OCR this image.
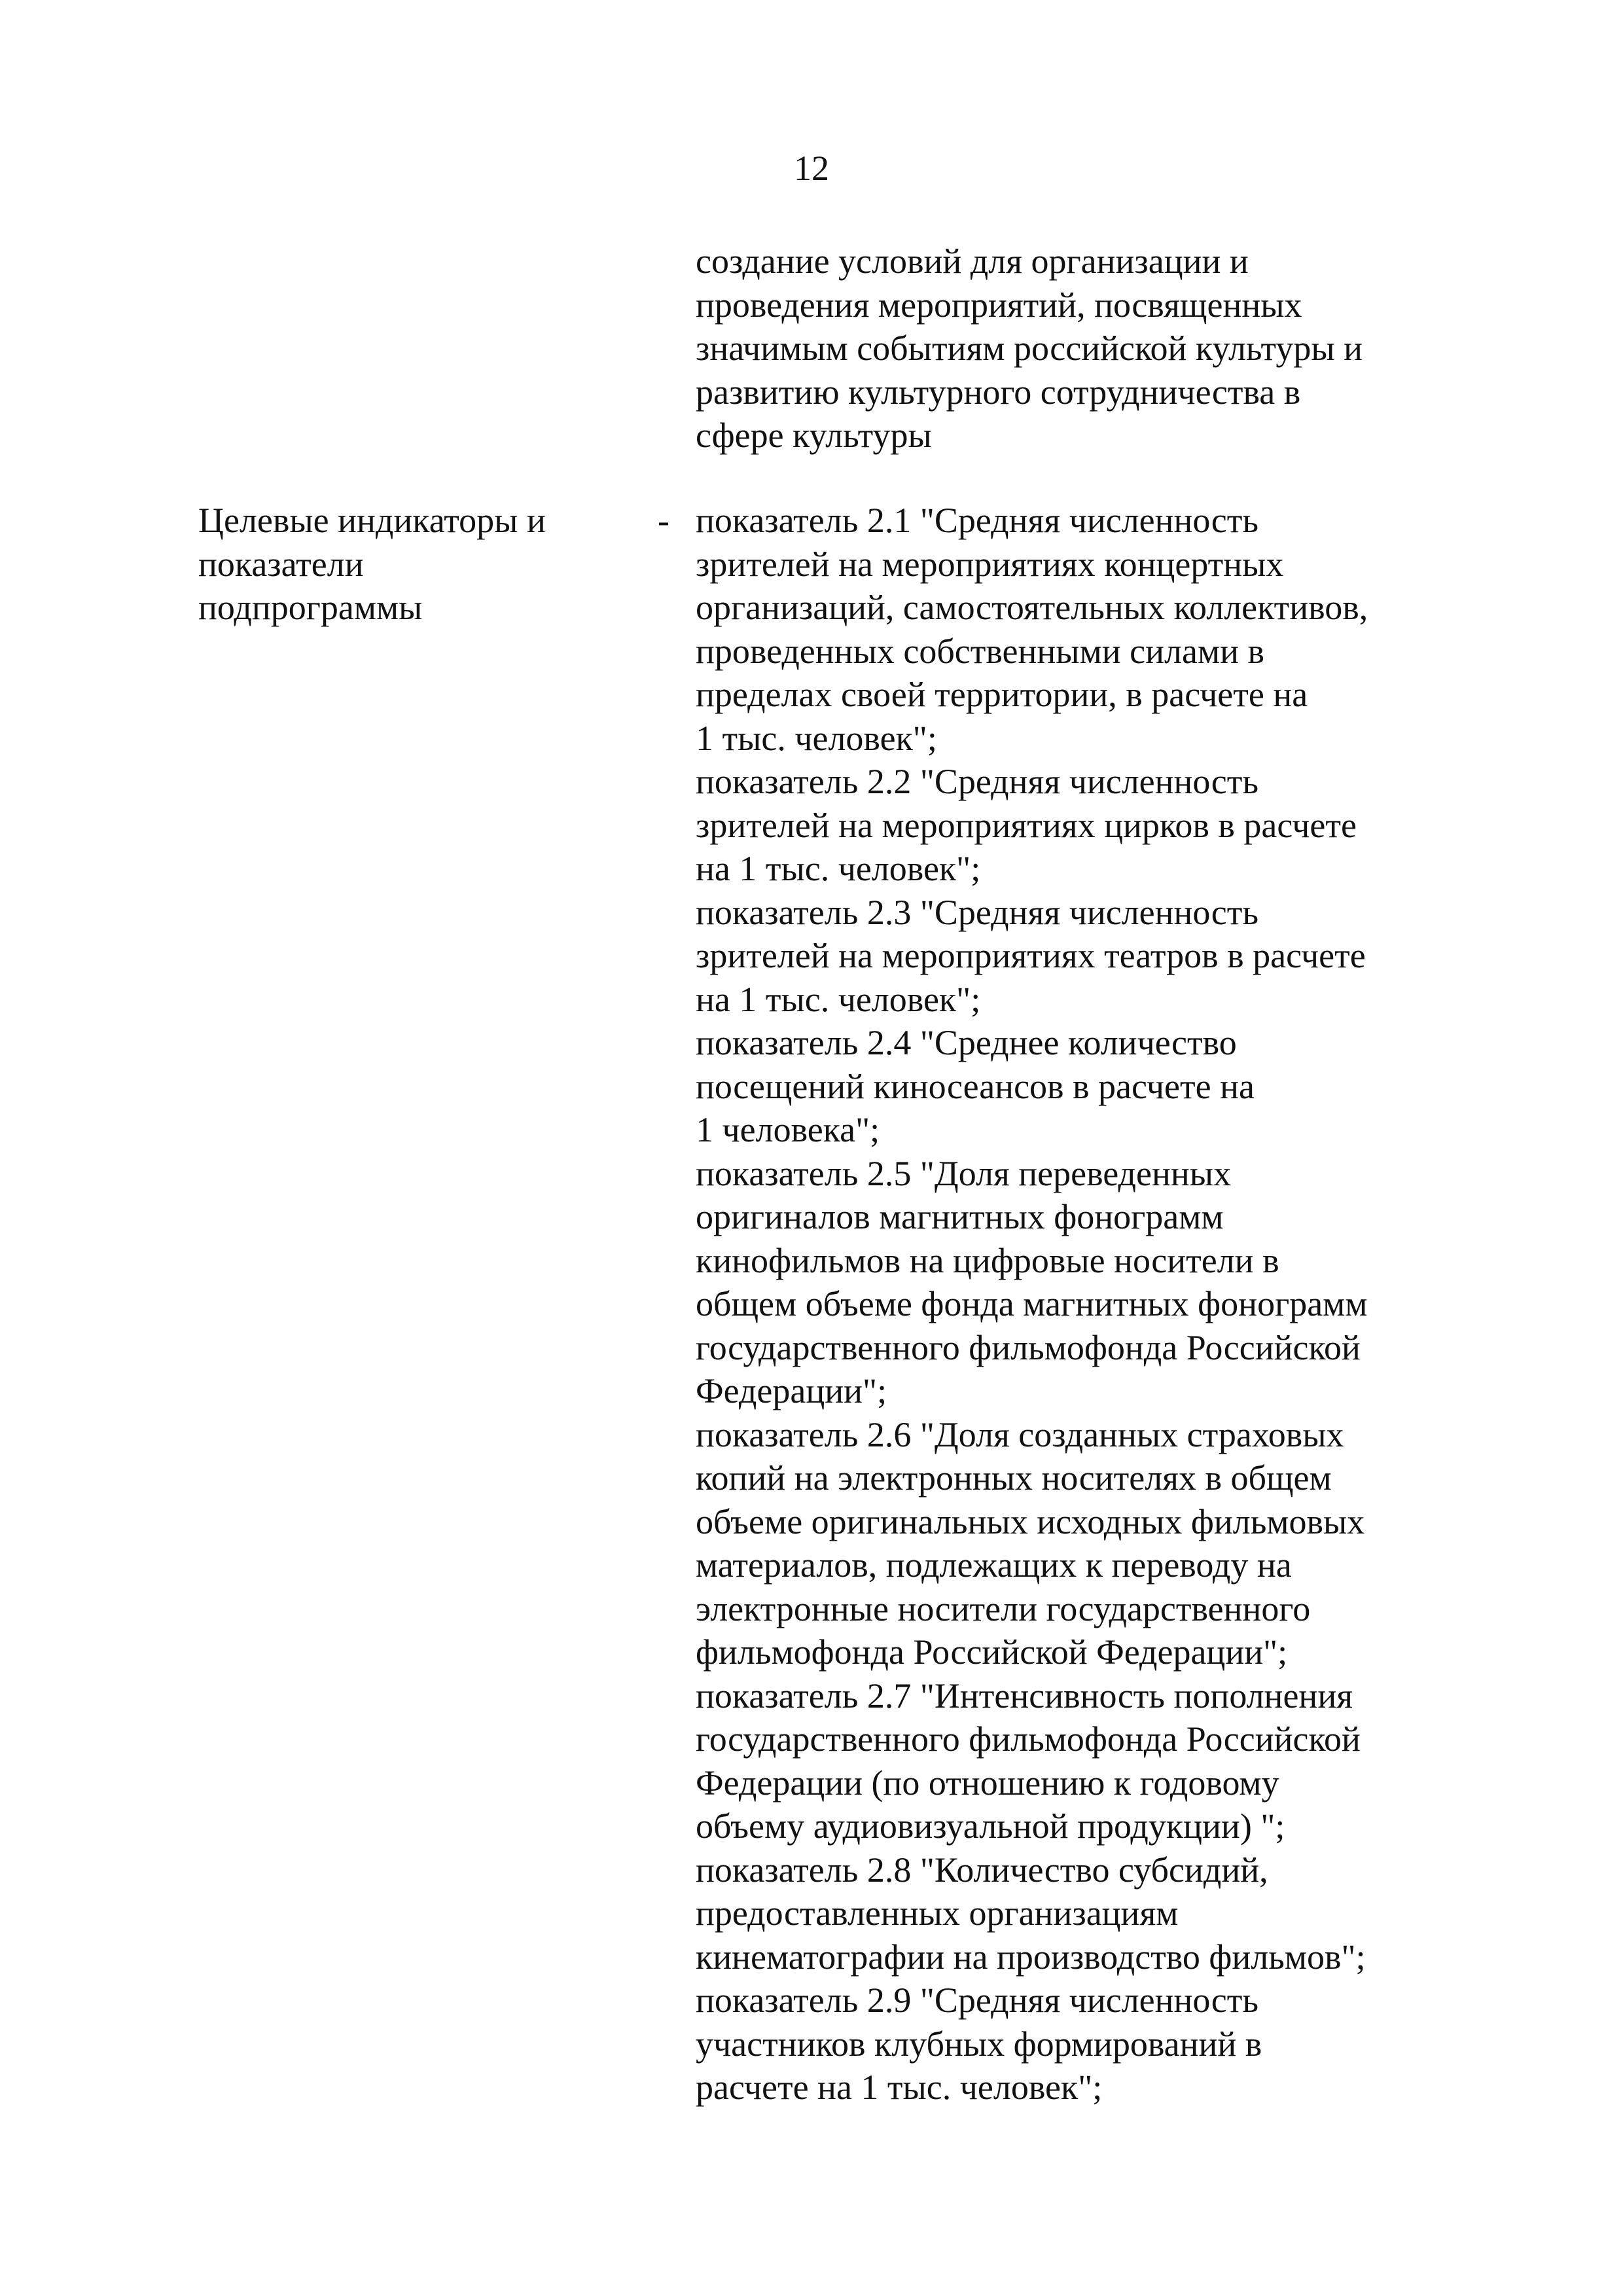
12
создание условий для организации и
проведения мероприятий, посвященных
значимым событиям российской культуры и
развитию культурного сотрудничества в
сфере культуры
Целевые индикаторы и
показатели
подпрограммы
- показатель 2.1 "Средняя численность
зрителей на мероприятиях концертных
организаций, самостоятельных коллективов,
проведенных собственными силами в
пределах своей территории, в расчете на
1 тыс. человек";
показатель 2.2 "Средняя численность
зрителей на мероприятиях цирков в расчете
на 1 тыс. человек";
показатель 2.3 "Средняя численность
зрителей на мероприятиях театров в расчете
на 1 тыс. человек";
показатель 2.4 "Среднее количество
посещений киносеансов в расчете на
1 человека";
показатель 2.5 "Доля переведенных
оригиналов магнитных фонограмм
кинофильмов на цифровые носители в
общем объеме фонда магнитных фонограмм
государственного фильмофонда Российской
Федерации";
показатель 2.6 "Доля созданных страховых
копий на электронных носителях в общем
объеме оригинальных исходных фильмовых
материалов, подлежащих к переводу на
электронные носители государственного
фильмофонда Российской Федерации";
показатель 2.7 "Интенсивность пополнения
государственного фильмофонда Российской
Федерации (по отношению к годовому
объему аудиовизуальной продукции) ";
показатель 2.8 "Количество субсидий,
предоставленных организациям
кинематографии на производство фильмов";
показатель 2.9 "Средняя численность
участников клубных формирований в
расчете на 1 тыс. человек";
